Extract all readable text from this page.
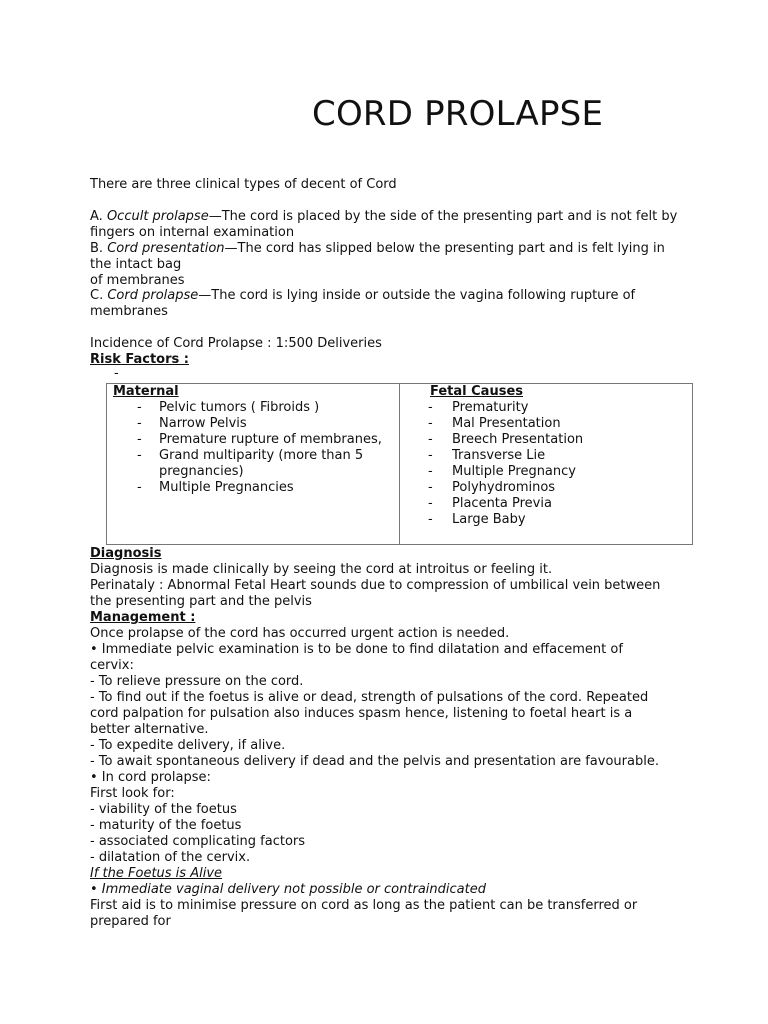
CORD PROLAPSE
There are three clinical types of decent of Cord
A. Occult prolapse—The cord is placed by the side of the presenting part and is not felt by fingers on internal examination
B. Cord presentation—The cord has slipped below the presenting part and is felt lying in the intact bag
of membranes
C. Cord prolapse—The cord is lying inside or outside the vagina following rupture of membranes
Incidence of Cord Prolapse : 1:500 Deliveries
Risk Factors :
-
Maternal
- Pelvic tumors ( Fibroids )
- Narrow Pelvis
- Premature rupture of membranes,
- Grand multiparity (more than 5 pregnancies)
- Multiple Pregnancies

Fetal Causes
- Prematurity
- Mal Presentation
- Breech Presentation
- Transverse Lie
- Multiple Pregnancy
- Polyhydrominos
- Placenta Previa
- Large Baby
Diagnosis
Diagnosis is made clinically by seeing the cord at introitus or feeling it.
Perinataly : Abnormal Fetal Heart sounds due to compression of umbilical vein between
the presenting part and the pelvis
Management :
Once prolapse of the cord has occurred urgent action is needed.
• Immediate pelvic examination is to be done to find dilatation and effacement of
cervix:
- To relieve pressure on the cord.
- To find out if the foetus is alive or dead, strength of pulsations of the cord. Repeated
cord palpation for pulsation also induces spasm hence, listening to foetal heart is a
better alternative.
- To expedite delivery, if alive.
- To await spontaneous delivery if dead and the pelvis and presentation are favourable.
• In cord prolapse:
First look for:
- viability of the foetus
- maturity of the foetus
- associated complicating factors
- dilatation of the cervix.
If the Foetus is Alive
• Immediate vaginal delivery not possible or contraindicated
First aid is to minimise pressure on cord as long as the patient can be transferred or
prepared for
